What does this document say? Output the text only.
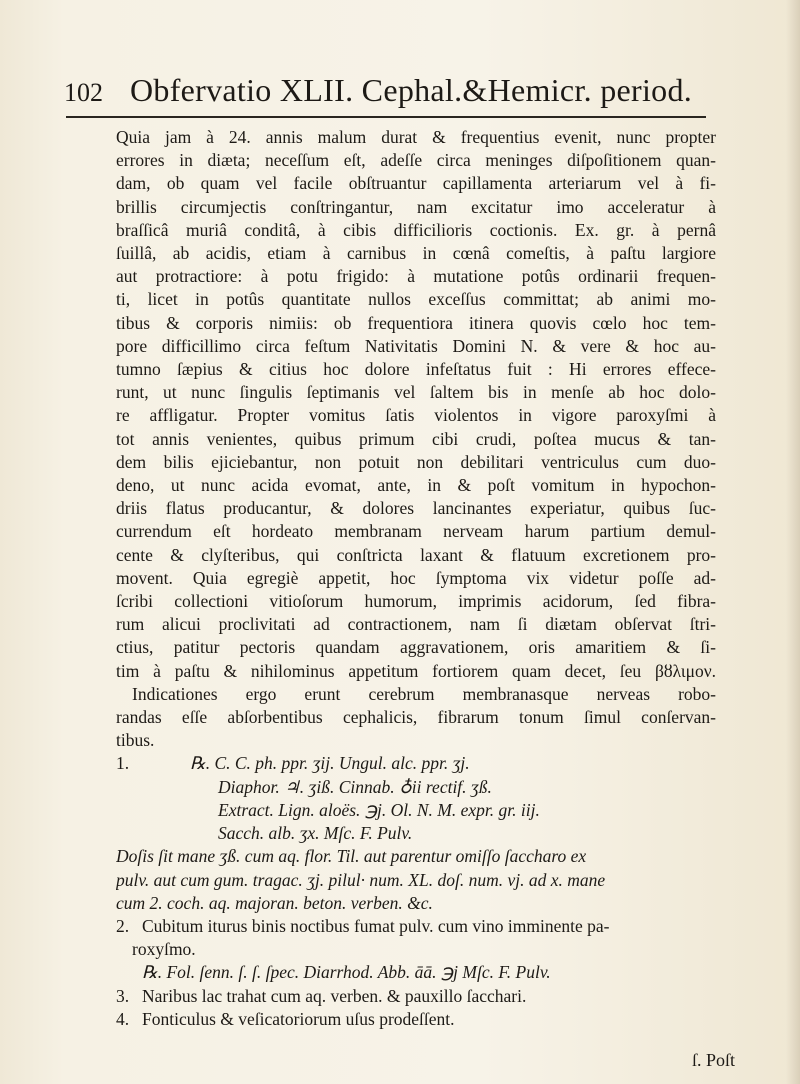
102 Obfervatio XLII. Cephal.&Hemicr. period.
Quia jam à 24. annis malum durat & frequentius evenit, nunc propter
errores in diæta; neceſſum eſt, adeſſe circa meninges diſpoſitionem quan-
dam, ob quam vel facile obſtruantur capillamenta arteriarum vel à fi-
brillis circumjectis conſtringantur, nam excitatur imo acceleratur à
braſſicâ muriâ conditâ, à cibis difficilioris coctionis. Ex. gr. à pernâ
ſuillâ, ab acidis, etiam à carnibus in cœnâ comeſtis, à paſtu largiore
aut protractiore: à potu frigido: à mutatione potûs ordinarii frequen-
ti, licet in potûs quantitate nullos exceſſus committat; ab animi mo-
tibus & corporis nimiis: ob frequentiora itinera quovis cœlo hoc tem-
pore difficillimo circa feſtum Nativitatis Domini N. & vere & hoc au-
tumno ſæpius & citius hoc dolore infeſtatus fuit : Hi errores effece-
runt, ut nunc ſingulis ſeptimanis vel ſaltem bis in menſe ab hoc dolo-
re affligatur. Propter vomitus ſatis violentos in vigore paroxyſmi à
tot annis venientes, quibus primum cibi crudi, poſtea mucus & tan-
dem bilis ejiciebantur, non potuit non debilitari ventriculus cum duo-
deno, ut nunc acida evomat, ante, in & poſt vomitum in hypochon-
driis flatus producantur, & dolores lancinantes experiatur, quibus ſuc-
currendum eſt hordeato membranam nerveam harum partium demul-
cente & clyſteribus, qui conſtricta laxant & flatuum excretionem pro-
movent. Quia egregiè appetit, hoc ſymptoma vix videtur poſſe ad-
ſcribi collectioni vitioſorum humorum, imprimis acidorum, ſed fibra-
rum alicui proclivitati ad contractionem, nam ſi diætam obſervat ſtri-
ctius, patitur pectoris quandam aggravationem, oris amaritiem & ſi-
tim à paſtu & nihilominus appetitum fortiorem quam decet, ſeu βȣλιμον.
Indicationes ergo erunt cerebrum membranasque nerveas robo-
randas eſſe abſorbentibus cephalicis, fibrarum tonum ſimul conſervan-
tibus.
1.	℞. C. C. ph. ppr. ʒij. Ungul. alc. ppr. ʒj.
Diaphor. ♃. ʒiß. Cinnab. ♁ii rectif. ʒß.
Extract. Lign. aloës. ℈j. Ol. N. M. expr. gr. iij.
Sacch. alb. ʒx. Mſc. F. Pulv.
Doſis ſit mane ʒß. cum aq. flor. Til. aut parentur omiſſo ſaccharo ex
pulv. aut cum gum. tragac. ʒj. pilul· num. XL. doſ. num. vj. ad x. mane
cum 2. coch. aq. majoran. beton. verben. &c.
2. Cubitum iturus binis noctibus fumat pulv. cum vino imminente pa-
roxyſmo.
℞. Fol. ſenn. ſ. ſ. ſpec. Diarrhod. Abb. āā. ℈j Mſc. F. Pulv.
3. Naribus lac trahat cum aq. verben. & pauxillo ſacchari.
4. Fonticulus & veſicatoriorum uſus prodeſſent.
ſ. Poſt
